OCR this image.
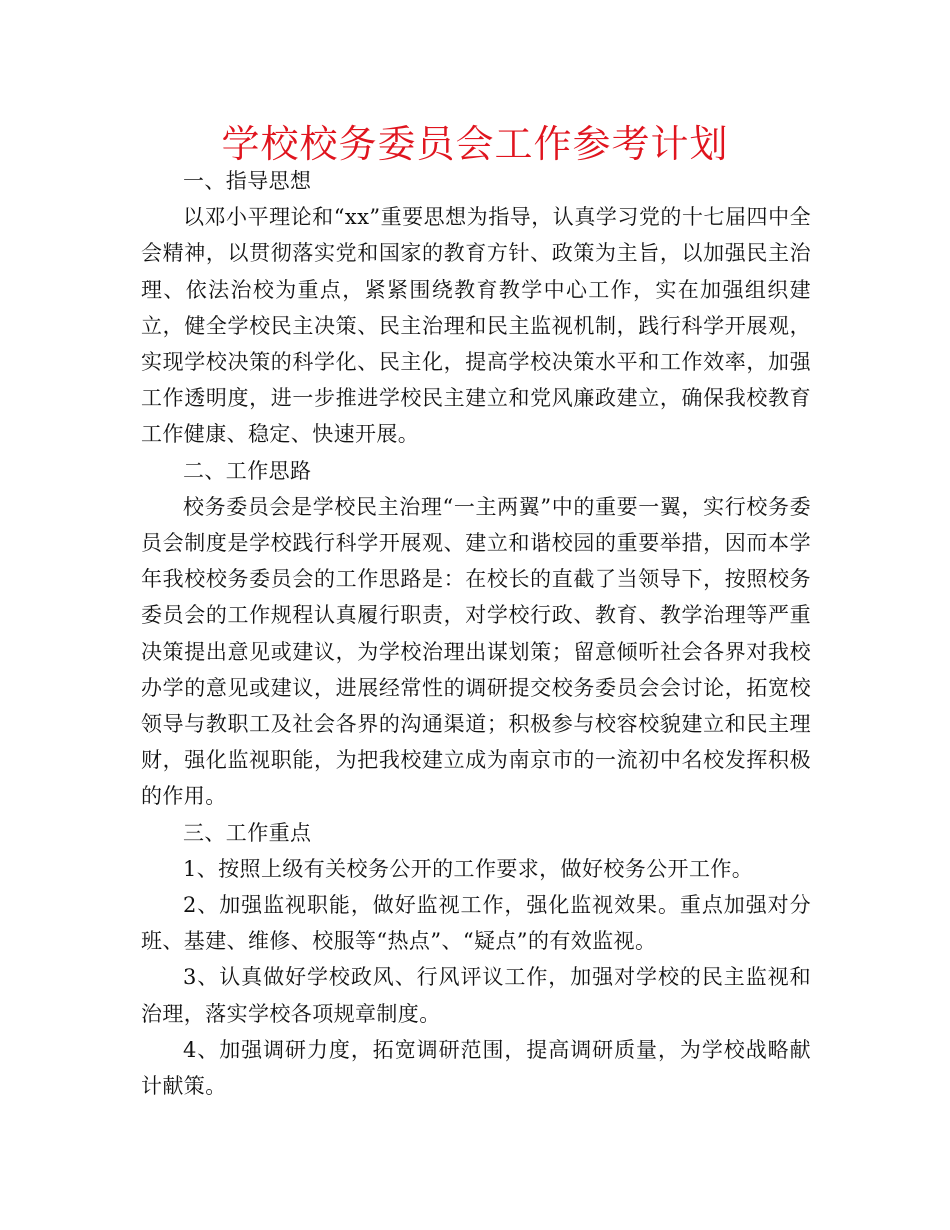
学校校务委员会工作参考计划

一、指导思想

以邓小平理论和“xx”重要思想为指导，认真学习党的十七届四中全会精神，以贯彻落实党和国家的教育方针、政策为主旨，以加强民主治理、依法治校为重点，紧紧围绕教育教学中心工作，实在加强组织建立，健全学校民主决策、民主治理和民主监视机制，践行科学开展观，实现学校决策的科学化、民主化，提高学校决策水平和工作效率，加强工作透明度，进一步推进学校民主建立和党风廉政建立，确保我校教育工作健康、稳定、快速开展。

二、工作思路

校务委员会是学校民主治理“一主两翼”中的重要一翼，实行校务委员会制度是学校践行科学开展观、建立和谐校园的重要举措，因而本学年我校校务委员会的工作思路是：在校长的直截了当领导下，按照校务委员会的工作规程认真履行职责，对学校行政、教育、教学治理等严重决策提出意见或建议，为学校治理出谋划策；留意倾听社会各界对我校办学的意见或建议，进展经常性的调研提交校务委员会会讨论，拓宽校领导与教职工及社会各界的沟通渠道；积极参与校容校貌建立和民主理财，强化监视职能，为把我校建立成为南京市的一流初中名校发挥积极的作用。

三、工作重点

1、按照上级有关校务公开的工作要求，做好校务公开工作。

2、加强监视职能，做好监视工作，强化监视效果。重点加强对分班、基建、维修、校服等“热点”、“疑点”的有效监视。

3、认真做好学校政风、行风评议工作，加强对学校的民主监视和治理，落实学校各项规章制度。

4、加强调研力度，拓宽调研范围，提高调研质量，为学校战略献计献策。
